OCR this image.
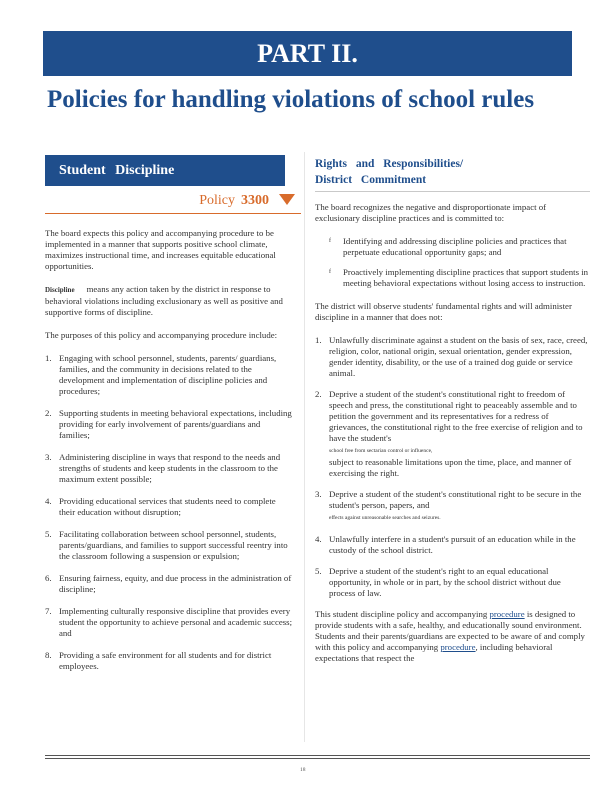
PART II.
Policies for handling violations of school rules
Student Discipline
Policy 3300

The board expects this policy and accompanying procedure to be implemented in a manner that supports positive school climate, maximizes instructional time, and increases equitable educational opportunities.

Discipline means any action taken by the district in response to behavioral violations including exclusionary as well as positive and supportive forms of discipline.

The purposes of this policy and accompanying procedure include:

1. Engaging with school personnel, students, parents/ guardians, families, and the community in decisions related to the development and implementation of discipline policies and procedures;
2. Supporting students in meeting behavioral expectations, including providing for early involvement of parents/guardians and families;
3. Administering discipline in ways that respond to the needs and strengths of students and keep students in the classroom to the maximum extent possible;
4. Providing educational services that students need to complete their education without disruption;
5. Facilitating collaboration between school personnel, students, parents/guardians, and families to support successful reentry into the classroom following a suspension or expulsion;
6. Ensuring fairness, equity, and due process in the administration of discipline;
7. Implementing culturally responsive discipline that provides every student the opportunity to achieve personal and academic success; and
8. Providing a safe environment for all students and for district employees.
Rights and Responsibilities/
District Commitment

The board recognizes the negative and disproportionate impact of exclusionary discipline practices and is committed to:

f Identifying and addressing discipline policies and practices that perpetuate educational opportunity gaps; and
f Proactively implementing discipline practices that support students in meeting behavioral expectations without losing access to instruction.

The district will observe students' fundamental rights and will administer discipline in a manner that does not:

1. Unlawfully discriminate against a student on the basis of sex, race, creed, religion, color, national origin, sexual orientation, gender expression, gender identity, disability, or the use of a trained dog guide or service animal.
2. Deprive a student of the student's constitutional right to freedom of speech and press, the constitutional right to peaceably assemble and to petition the government and its representatives for a redress of grievances, the constitutional right to the free exercise of religion and to have the student's
school free from sectarian control or influence,
subject to reasonable limitations upon the time, place, and manner of exercising the right.
3. Deprive a student of the student's constitutional right to be secure in the student's person, papers, and
effects against unreasonable searches and seizures.
4. Unlawfully interfere in a student's pursuit of an education while in the custody of the school district.
5. Deprive a student of the student's right to an equal educational opportunity, in whole or in part, by the school district without due process of law.

This student discipline policy and accompanying procedure is designed to provide students with a safe, healthy, and educationally sound environment. Students and their parents/guardians are expected to be aware of and comply with this policy and accompanying procedure, including behavioral expectations that respect the

18
